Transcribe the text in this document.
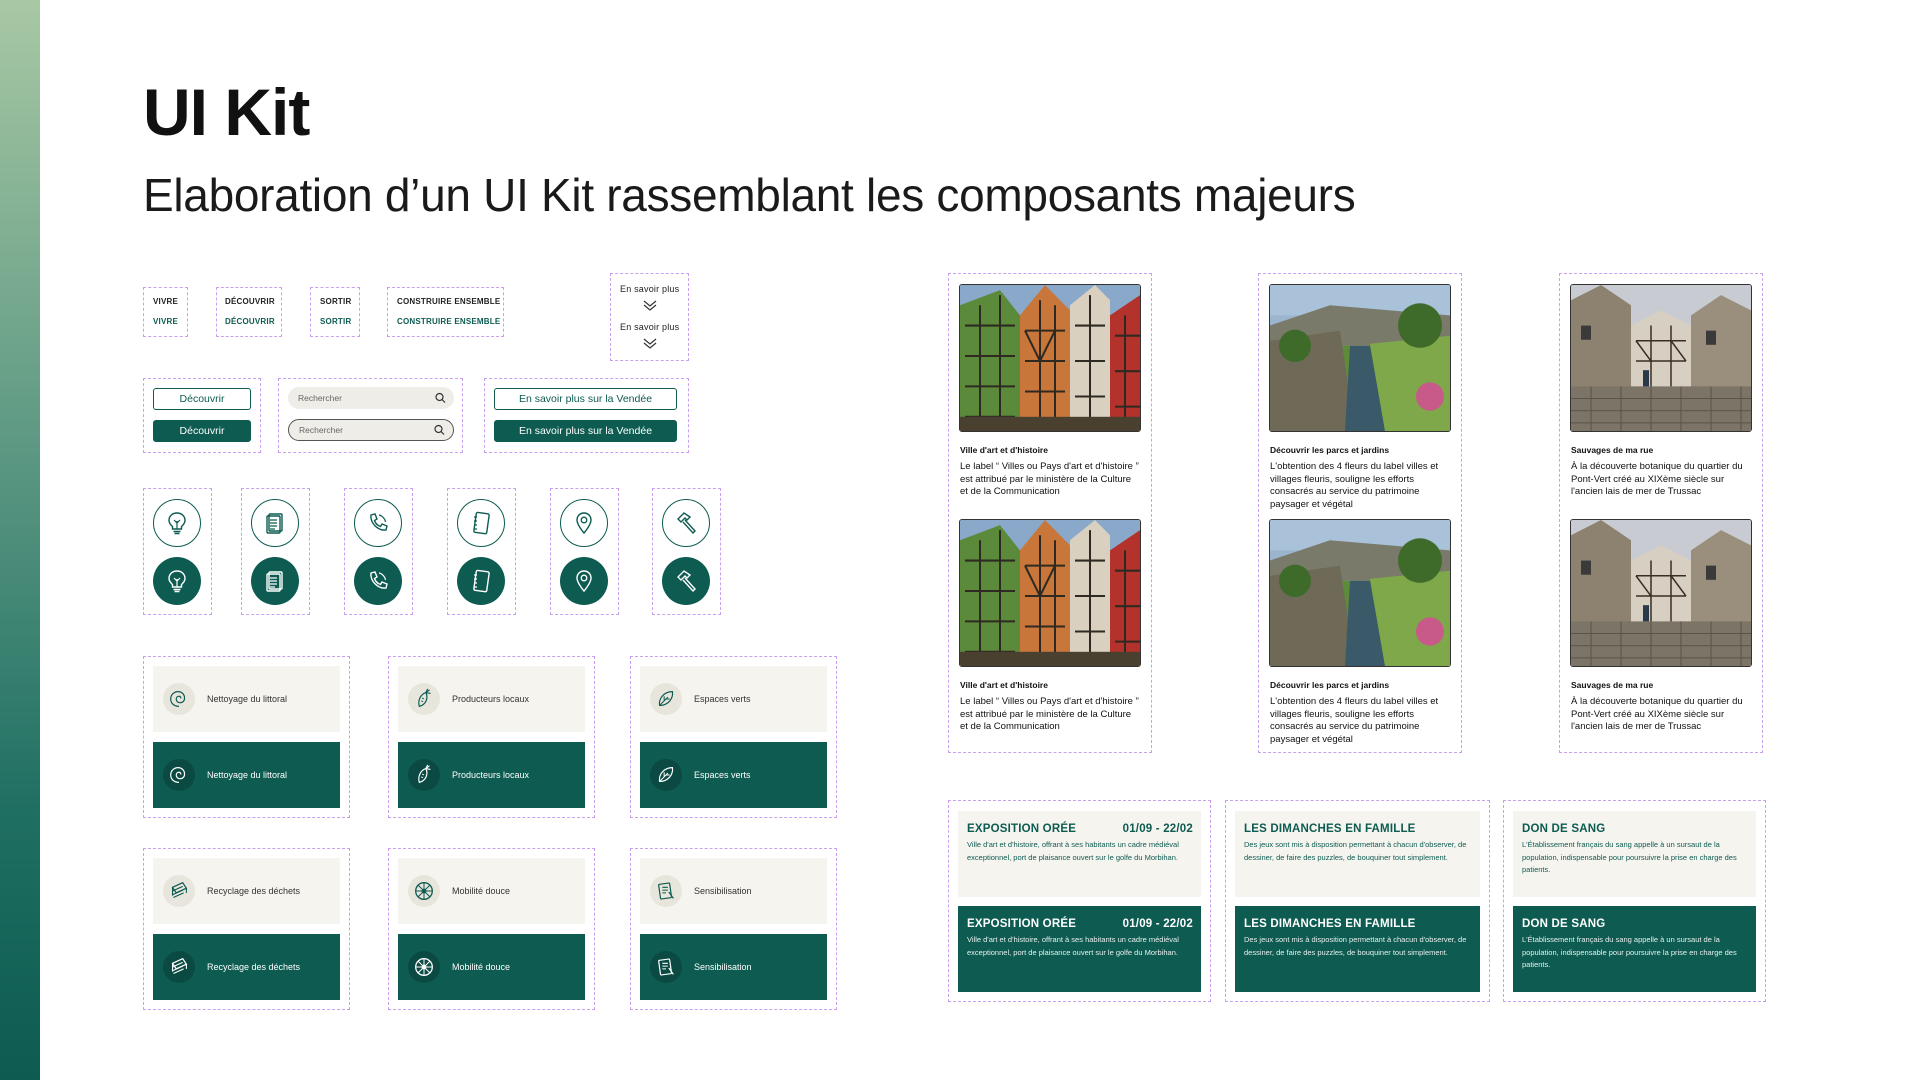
UI Kit
Elaboration d’un UI Kit rassemblant les composants majeurs
VIVRE
VIVRE
DÉCOUVRIR
DÉCOUVRIR
SORTIR
SORTIR
CONSTRUIRE ENSEMBLE
CONSTRUIRE ENSEMBLE
En savoir plus
En savoir plus
Découvrir
Découvrir
Rechercher
Rechercher
En savoir plus sur la Vendée
En savoir plus sur la Vendée
Nettoyage du littoral
Nettoyage du littoral
Producteurs locaux
Producteurs locaux
Espaces verts
Espaces verts
Recyclage des déchets
Recyclage des déchets
Mobilité douce
Mobilité douce
Sensibilisation
Sensibilisation
Ville d'art et d'histoire
Le label “ Villes ou Pays d'art et d'histoire ” est attribué par le ministère de la Culture et de la Communication
Ville d'art et d'histoire
Le label “ Villes ou Pays d'art et d'histoire ” est attribué par le ministère de la Culture et de la Communication
Découvrir les parcs et jardins
L'obtention des 4 fleurs du label villes et villages fleuris, souligne les efforts consacrés au service du patrimoine paysager et végétal
Découvrir les parcs et jardins
L'obtention des 4 fleurs du label villes et villages fleuris, souligne les efforts consacrés au service du patrimoine paysager et végétal
Sauvages de ma rue
À la découverte botanique du quartier du Pont-Vert créé au XIXème siècle sur l'ancien lais de mer de Trussac
Sauvages de ma rue
À la découverte botanique du quartier du Pont-Vert créé au XIXème siècle sur l'ancien lais de mer de Trussac
EXPOSITION ORÉE	01/09 - 22/02
Ville d'art et d'histoire, offrant à ses habitants un cadre médiéval exceptionnel, port de plaisance ouvert sur le golfe du Morbihan.
EXPOSITION ORÉE	01/09 - 22/02
Ville d'art et d'histoire, offrant à ses habitants un cadre médiéval exceptionnel, port de plaisance ouvert sur le golfe du Morbihan.
LES DIMANCHES EN FAMILLE
Des jeux sont mis à disposition permettant à chacun d'observer, de dessiner, de faire des puzzles, de bouquiner tout simplement.
LES DIMANCHES EN FAMILLE
Des jeux sont mis à disposition permettant à chacun d'observer, de dessiner, de faire des puzzles, de bouquiner tout simplement.
DON DE SANG
L'Établissement français du sang appelle à un sursaut de la population, indispensable pour poursuivre la prise en charge des patients.
DON DE SANG
L'Établissement français du sang appelle à un sursaut de la population, indispensable pour poursuivre la prise en charge des patients.
